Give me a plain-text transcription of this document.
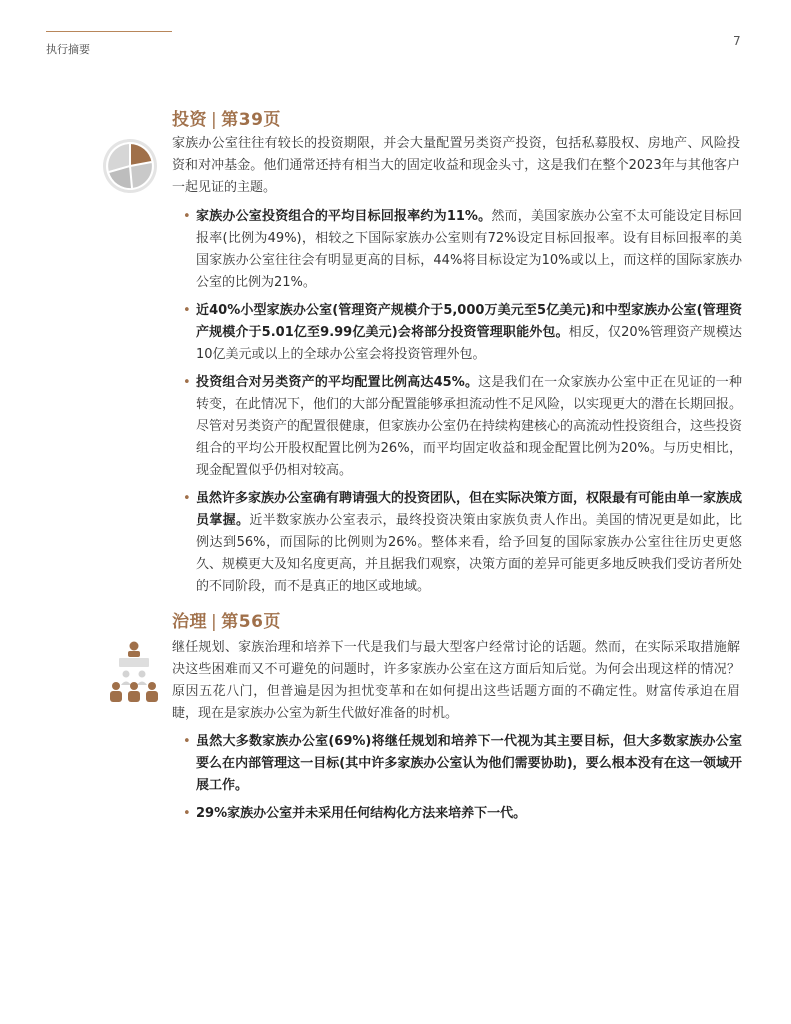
执行摘要
7
投资 | 第39页
家族办公室往往有较长的投资期限，并会大量配置另类资产投资，包括私募股权、房地产、风险投资和对冲基金。他们通常还持有相当大的固定收益和现金头寸，这是我们在整个2023年与其他客户一起见证的主题。
• 家族办公室投资组合的平均目标回报率约为11%。然而，美国家族办公室不太可能设定目标回报率(比例为49%)，相较之下国际家族办公室则有72%设定目标回报率。设有目标回报率的美国家族办公室往往会有明显更高的目标，44%将目标设定为10%或以上，而这样的国际家族办公室的比例为21%。
• 近40%小型家族办公室(管理资产规模介于5,000万美元至5亿美元)和中型家族办公室(管理资产规模介于5.01亿至9.99亿美元)会将部分投资管理职能外包。相反，仅20%管理资产规模达10亿美元或以上的全球办公室会将投资管理外包。
• 投资组合对另类资产的平均配置比例高达45%。这是我们在一众家族办公室中正在见证的一种转变，在此情况下，他们的大部分配置能够承担流动性不足风险，以实现更大的潜在长期回报。尽管对另类资产的配置很健康，但家族办公室仍在持续构建核心的高流动性投资组合，这些投资组合的平均公开股权配置比例为26%，而平均固定收益和现金配置比例为20%。与历史相比，现金配置似乎仍相对较高。
• 虽然许多家族办公室确有聘请强大的投资团队，但在实际决策方面，权限最有可能由单一家族成员掌握。近半数家族办公室表示，最终投资决策由家族负责人作出。美国的情况更是如此，比例达到56%，而国际的比例则为26%。整体来看，给予回复的国际家族办公室往往历史更悠久、规模更大及知名度更高，并且据我们观察，决策方面的差异可能更多地反映我们受访者所处的不同阶段，而不是真正的地区或地域。
治理 | 第56页
继任规划、家族治理和培养下一代是我们与最大型客户经常讨论的话题。然而，在实际采取措施解决这些困难而又不可避免的问题时，许多家族办公室在这方面后知后觉。为何会出现这样的情况？原因五花八门，但普遍是因为担忧变革和在如何提出这些话题方面的不确定性。财富传承迫在眉睫，现在是家族办公室为新生代做好准备的时机。
• 虽然大多数家族办公室(69%)将继任规划和培养下一代视为其主要目标，但大多数家族办公室要么在内部管理这一目标(其中许多家族办公室认为他们需要协助)，要么根本没有在这一领域开展工作。
• 29%家族办公室并未采用任何结构化方法来培养下一代。
